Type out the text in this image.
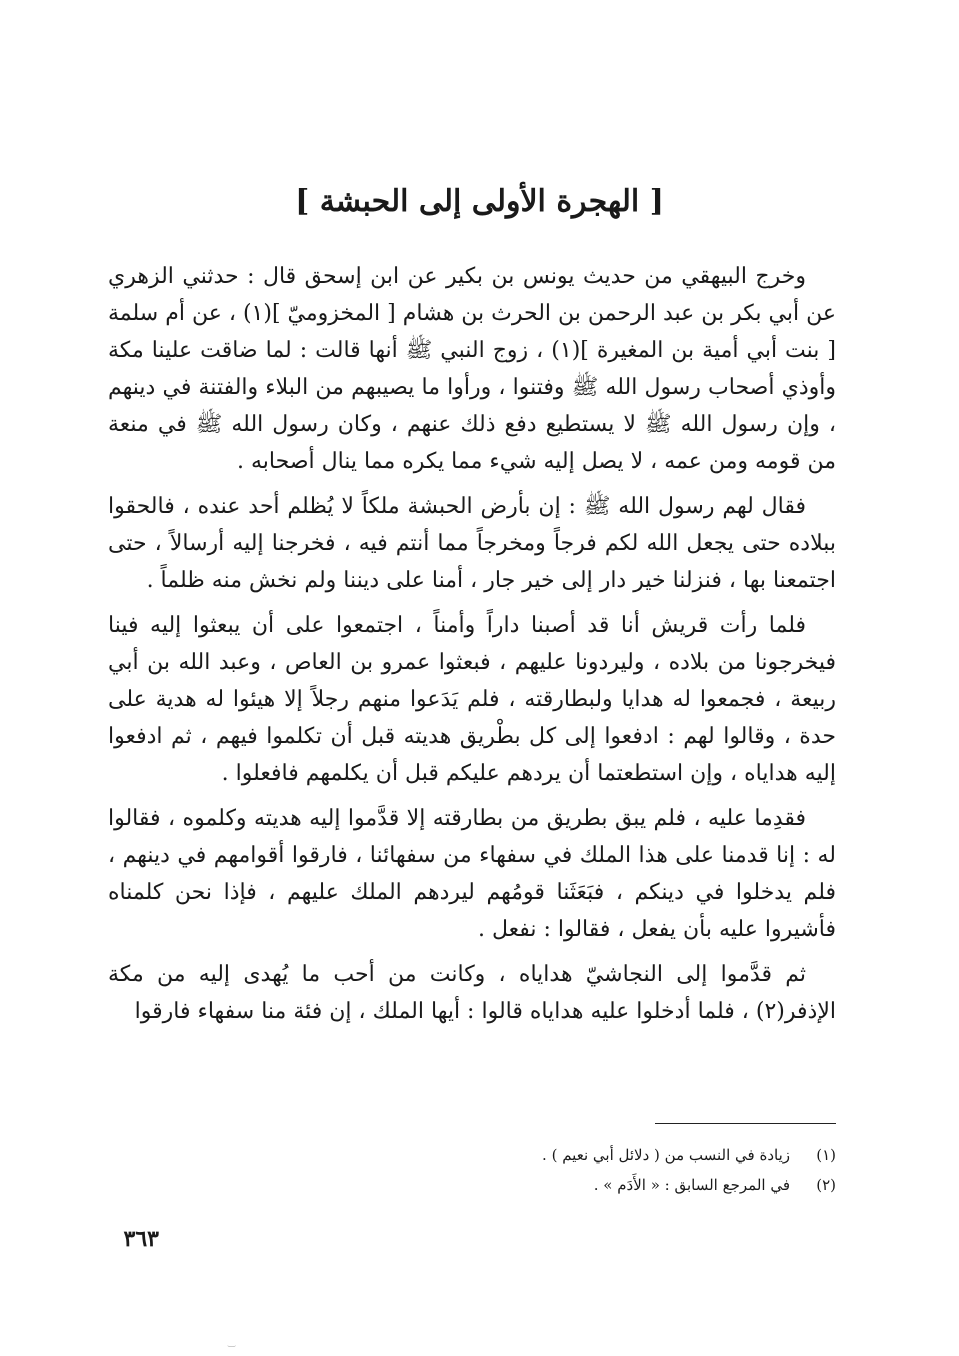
[ الهجرة الأولى إلى الحبشة ]

وخرج البيهقي من حديث يونس بن بكير عن ابن إسحق قال : حدثني الزهري عن أبي بكر بن عبد الرحمن بن الحرث بن هشام [ المخزوميّ ](١) ، عن أم سلمة [ بنت أبي أمية بن المغيرة ](١) ، زوج النبي ﷺ أنها قالت : لما ضاقت علينا مكة وأوذي أصحاب رسول الله ﷺ وفتنوا ، ورأوا ما يصيبهم من البلاء والفتنة في دينهم ، وإن رسول الله ﷺ لا يستطيع دفع ذلك عنهم ، وكان رسول الله ﷺ في منعة من قومه ومن عمه ، لا يصل إليه شيء مما يكره مما ينال أصحابه .

فقال لهم رسول الله ﷺ : إن بأرض الحبشة ملكاً لا يُظلم أحد عنده ، فالحقوا ببلاده حتى يجعل الله لكم فرجاً ومخرجاً مما أنتم فيه ، فخرجنا إليه أرسالاً ، حتى اجتمعنا بها ، فنزلنا خير دار إلى خير جار ، أمنا على ديننا ولم نخش منه ظلماً .

فلما رأت قريش أنا قد أصبنا داراً وأمناً ، اجتمعوا على أن يبعثوا إليه فينا فيخرجونا من بلاده ، وليردونا عليهم ، فبعثوا عمرو بن العاص ، وعبد الله بن أبي ربيعة ، فجمعوا له هدايا ولبطارقته ، فلم يَدَعوا منهم رجلاً إلا هيئوا له هدية على حدة ، وقالوا لهم : ادفعوا إلى كل بطْريق هديته قبل أن تكلموا فيهم ، ثم ادفعوا إليه هداياه ، وإن استطعتما أن يردهم عليكم قبل أن يكلمهم فافعلوا .

فقدِما عليه ، فلم يبق بطريق من بطارقته إلا قدَّموا إليه هديته وكلموه ، فقالوا له : إنا قدمنا على هذا الملك في سفهاء من سفهائنا ، فارقوا أقوامهم في دينهم ، فلم يدخلوا في دينكم ، فبَعَثَنا قومُهم ليردهم الملك عليهم ، فإذا نحن كلمناه فأشيروا عليه بأن يفعل ، فقالوا : نفعل .

ثم قدَّموا إلى النجاشيّ هداياه ، وكانت من أحب ما يُهدى إليه من مكة الإذفر(٢) ، فلما أدخلوا عليه هداياه قالوا : أيها الملك ، إن فئة منا سفهاء فارقوا

(١)زيادة في النسب من ( دلائل أبي نعيم ) .
(٢)في المرجع السابق : « الأَدَم » .
٣٦٣
‿
